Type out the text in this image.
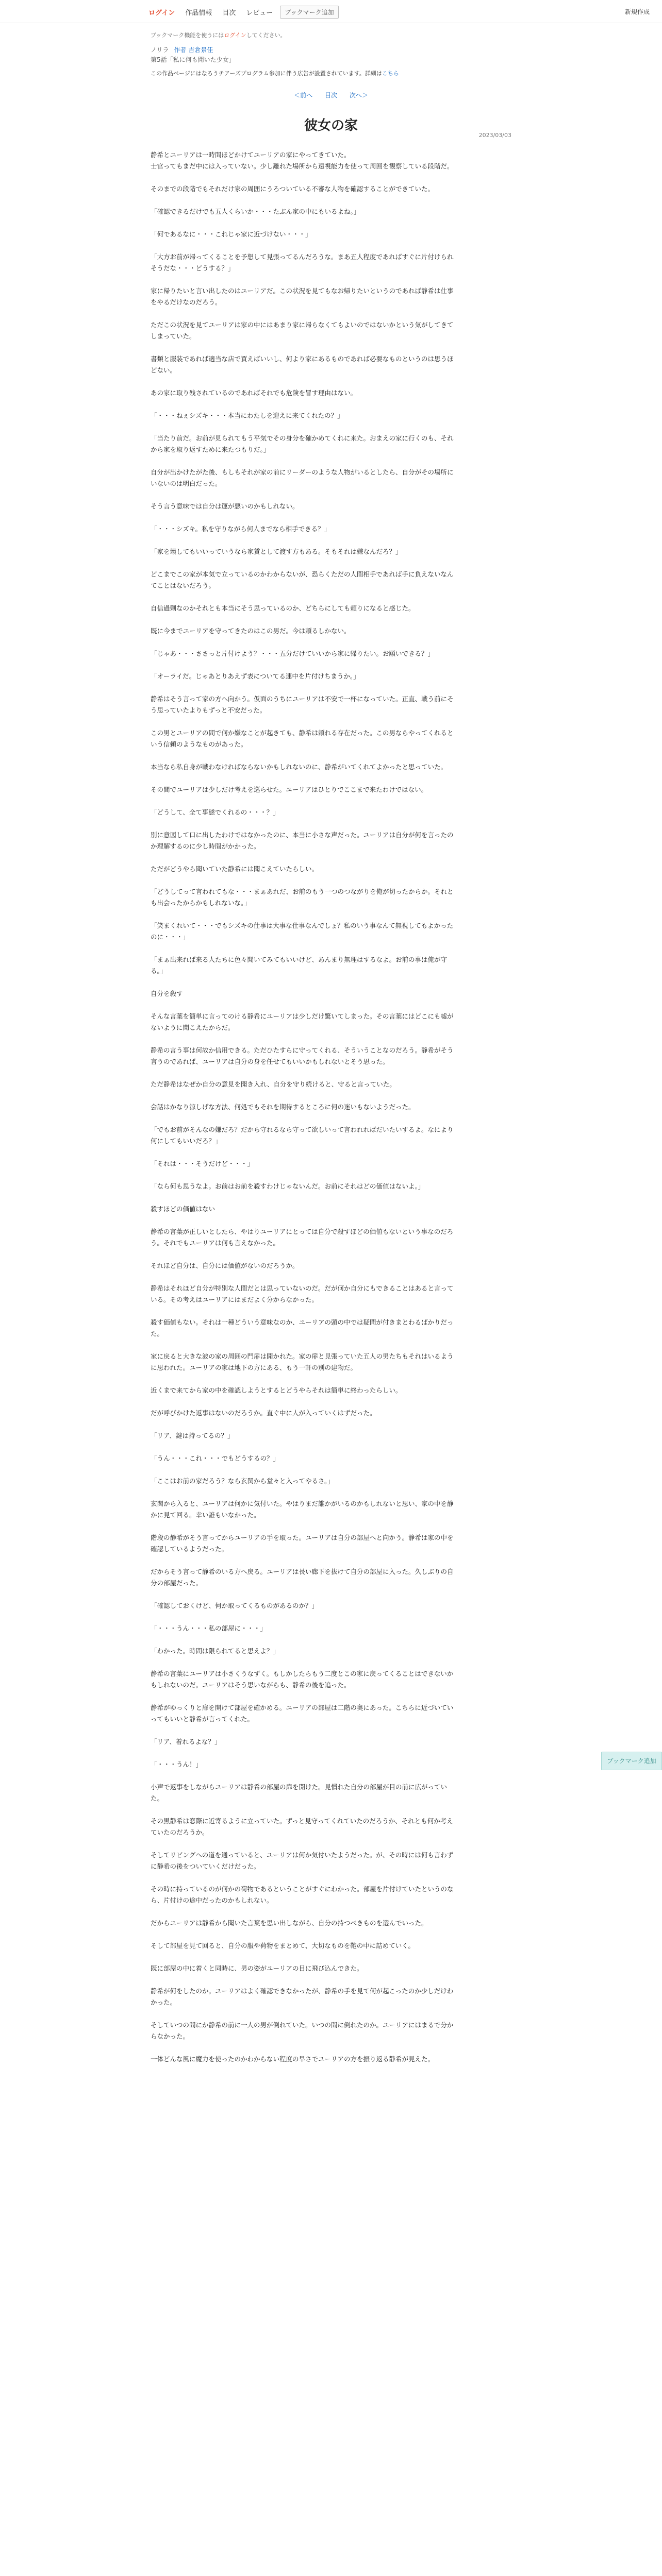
ログイン	作品情報	目次	レビュー	ブックマーク追加	新規作成
ブックマーク機能を使うにはログインしてください。
ノリラ 作者 吉倉景佳
第5話「私に何も聞いた少女」
この作品ページにはなろうチアーズプログラム参加に伴う広告が設置されています。詳細はこちら
＜前へ 目次 次へ＞
2023/03/03
彼女の家

静希とユーリアは一時間ほどかけてユーリアの家にやってきていた。
士官ってもまだ中には入っていない。少し離れた場所から遠視能力を使って周囲を観察している段階だ。

そのまでの段階でもそれだけ家の周囲にうろついている不審な人物を確認することができていた。

「確認できるだけでも五人くらいか・・・たぶん家の中にもいるよね。」

「何であるなに・・・これじゃ家に近づけない・・・」

「大方お前が帰ってくることを予想して見張ってるんだろうな。まあ五人程度であればすぐに片付けられそうだな・・・どうする？」

家に帰りたいと言い出したのはユーリアだ。この状況を見てもなお帰りたいというのであれば静希は仕事をやるだけなのだろう。

ただこの状況を見てユーリアは家の中にはあまり家に帰らなくてもよいのではないかという気がしてきてしまっていた。

書類と服装であれば適当な店で買えばいいし、何より家にあるものであれば必要なものというのは思うほどない。

あの家に取り残されているのであればそれでも危険を冒す理由はない。

「・・・ねぇシズキ・・・本当にわたしを迎えに来てくれたの？」

「当たり前だ。お前が見られてもう平気でその身分を確かめてくれに来た。おまえの家に行くのも、それから家を取り返すために来たつもりだ。」

自分が出かけたがた後、もしもそれが家の前にリーダーのような人物がいるとしたら、自分がその場所にいないのは明白だった。

そう言う意味では自分は運が悪いのかもしれない。

「・・・シズキ。私を守りながら何人までなら相手できる？」

「家を壊してもいいっていうなら家賃として渡す方もある。そもそれは嫌なんだろ？」

どこまでこの家が本気で立っているのかわからないが、恐らくただの人間相手であれば手に負えないなんてことはないだろう。

自信過剰なのかそれとも本当にそう思っているのか、どちらにしても頼りになると感じた。

既に今までユーリアを守ってきたのはこの男だ。今は頼るしかない。

「じゃあ・・・ささっと片付けよう？・・・五分だけていいから家に帰りたい。お願いできる？」

「オーライだ。じゃあとりあえず表についてる連中を片付けちまうか。」

静希はそう言って家の方へ向かう。仮面のうちにユーリアは不安で一杯になっていた。正直、戦う前にそう思っていたよりもずっと不安だった。

この男とユーリアの間で何か嫌なことが起きても、静希は頼れる存在だった。この男ならやってくれるという信頼のようなものがあった。

本当なら私自身が戦わなければならないかもしれないのに、静希がいてくれてよかったと思っていた。

その間でユーリアは少しだけ考えを巡らせた。ユーリアはひとりでここまで来たわけではない。

「どうして、全て事態でくれるの・・・？」

別に意図して口に出したわけではなかったのに、本当に小さな声だった。ユーリアは自分が何を言ったのか理解するのに少し時間がかかった。

ただがどうやら聞いていた静希には聞こえていたらしい。

「どうしてって言われてもな・・・まぁあれだ、お前のもう一つのつながりを俺が切ったからか。それとも出会ったからかもしれないな。」

「笑まくれいて・・・でもシズキの仕事は大事な仕事なんでしょ？私のいう事なんて無視してもよかったのに・・・」

「まぁ出来れば来る人たちに色々聞いてみてもいいけど、あんまり無理はするなよ。お前の事は俺が守る。」

自分を殺す

そんな言葉を簡単に言ってのける静希にユーリアは少しだけ驚いてしまった。その言葉にはどこにも嘘がないように聞こえたからだ。

静希の言う事は何故か信用できる。ただひたすらに守ってくれる、そういうことなのだろう。静希がそう言うのであれば、ユーリアは自分の身を任せてもいいかもしれないとそう思った。

ただ静希はなぜか自分の意見を聞き入れ、自分を守り続けると、守ると言っていた。

会話はかなり涼しげな方法、何処でもそれを期待するところに何の迷いもないようだった。

「でもお前がそんなの嫌だろ？だから守れるなら守って欲しいって言われればだいたいするよ。なにより何にしてもいいだろ？」

「それは・・・そうだけど・・・」

「なら何も思うなよ。お前はお前を殺すわけじゃないんだ。お前にそれはどの価値はないよ。」

殺すほどの価値はない

静希の言葉が正しいとしたら、やはりユーリアにとっては自分で殺すほどの価値もないという事なのだろう。それでもユーリアは何も言えなかった。

それほど自分は、自分には価値がないのだろうか。

静希はそれほど自分が特別な人間だとは思っていないのだ。だが何か自分にもできることはあると言っている。その考えはユーリアにはまだよく分からなかった。

殺す価値もない。それは一種どういう意味なのか、ユーリアの頭の中では疑問が付きまとわるばかりだった。

家に戻ると大きな波の家の周囲の門扉は開かれた。家の扉と見張っていた五人の男たちもそれはいるように思われた。ユーリアの家は地下の方にある、もう一軒の別の建物だ。

近くまで来てから家の中を確認しようとするとどうやらそれは簡単に終わったらしい。

だが呼びかけた返事はないのだろうか。直ぐ中に人が入っていくはずだった。

「リア、鍵は持ってるの？」

「うん・・・これ・・・でもどうするの？」

「ここはお前の家だろう？なら玄関から堂々と入ってやるさ。」

玄関から入ると、ユーリアは何かに気付いた。やはりまだ誰かがいるのかもしれないと思い、家の中を静かに見て回る。幸い誰もいなかった。

階段の静希がそう言ってからユーリアの手を取った。ユーリアは自分の部屋へと向かう。静希は家の中を確認しているようだった。

だからそう言って静希のいる方へ戻る。ユーリアは長い廊下を抜けて自分の部屋に入った。久しぶりの自分の部屋だった。

「確認しておくけど、何か取ってくるものがあるのか？」

「・・・うん・・・私の部屋に・・・」

「わかった。時間は限られてると思えよ？」

静希の言葉にユーリアは小さくうなずく。もしかしたらもう二度とこの家に戻ってくることはできないかもしれないのだ。ユーリアはそう思いながらも、静希の後を追った。

静希がゆっくりと扉を開けて部屋を確かめる。ユーリアの部屋は二階の奥にあった。こちらに近づいていってもいいと静希が言ってくれた。

「リア、着れるよな？」

「・・・うん！」

小声で返事をしながらユーリアは静希の部屋の扉を開けた。見慣れた自分の部屋が目の前に広がっていた。

その黒静希は窓際に近寄るように立っていた。ずっと見守ってくれていたのだろうか、それとも何か考えていたのだろうか。

そしてリビングへの道を通っていると、ユーリアは何か気付いたようだった。が、その時には何も言わずに静希の後をついていくだけだった。

その時に持っているのが何かの荷物であるということがすぐにわかった。部屋を片付けていたというのなら、片付けの途中だったのかもしれない。

だからユーリアは静希から聞いた言葉を思い出しながら、自分の持つべきものを選んでいった。

そして部屋を見て回ると、自分の服や荷物をまとめて、大切なものを鞄の中に詰めていく。

既に部屋の中に着くと同時に、男の姿がユーリアの目に飛び込んできた。

静希が何をしたのか。ユーリアはよく確認できなかったが、静希の手を見て何が起こったのか少しだけわかった。

そしていつの間にか静希の前に一人の男が倒れていた。いつの間に倒れたのか。ユーリアにはまるで分からなかった。

一体どんな風に魔力を使ったのかわからない程度の早さでユーリアの方を振り返る静希が見えた。

ブックマーク追加
